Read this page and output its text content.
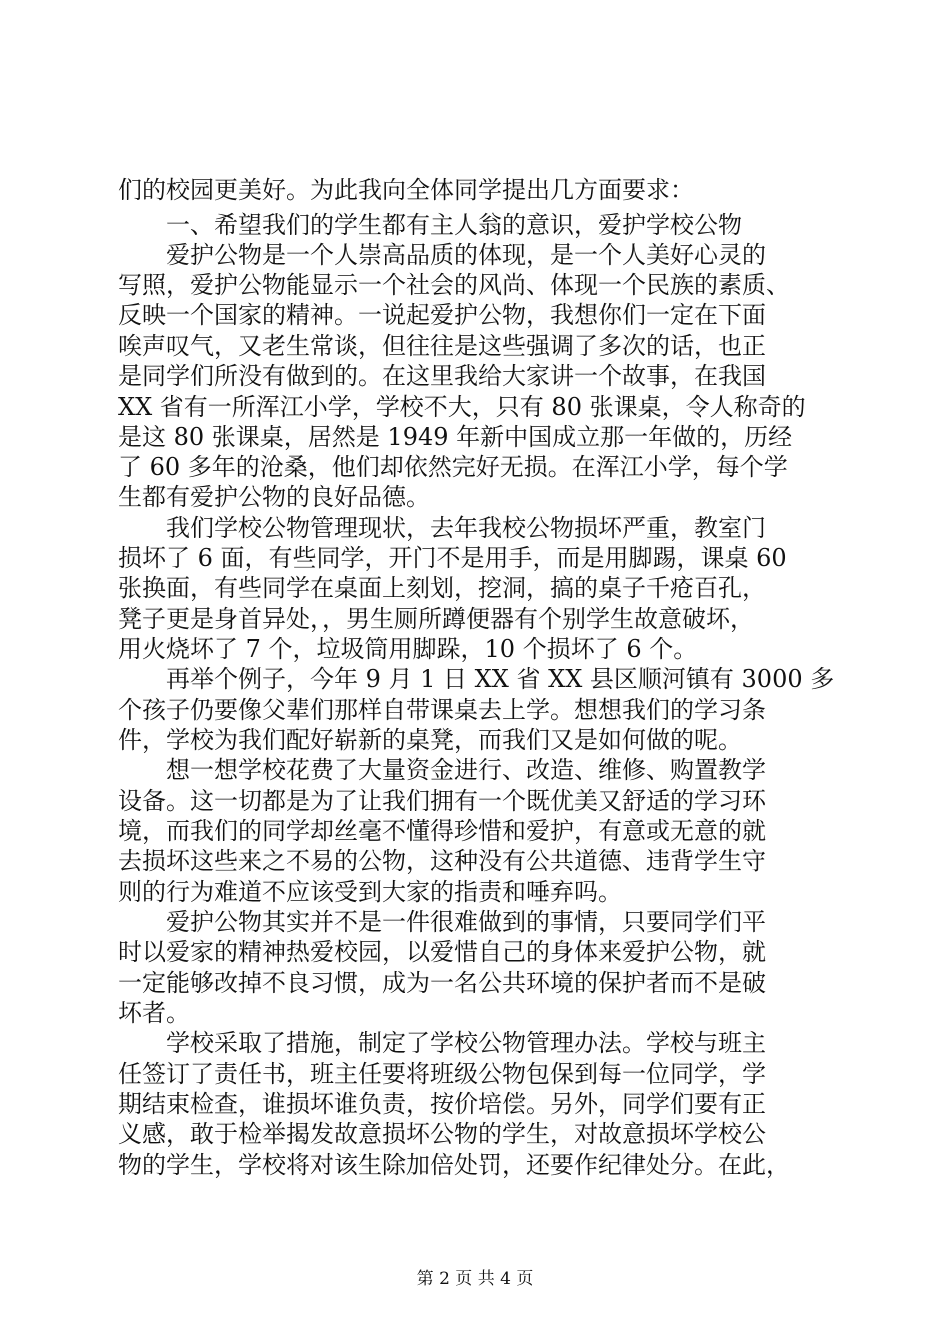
们的校园更美好。为此我向全体同学提出几方面要求：
　　一、希望我们的学生都有主人翁的意识，爱护学校公物
　　爱护公物是一个人崇高品质的体现，是一个人美好心灵的
写照，爱护公物能显示一个社会的风尚、体现一个民族的素质、
反映一个国家的精神。一说起爱护公物，我想你们一定在下面
唉声叹气，又老生常谈，但往往是这些强调了多次的话，也正
是同学们所没有做到的。在这里我给大家讲一个故事，在我国
XX 省有一所浑江小学，学校不大，只有 80 张课桌，令人称奇的
是这 80 张课桌，居然是 1949 年新中国成立那一年做的，历经
了 60 多年的沧桑，他们却依然完好无损。在浑江小学，每个学
生都有爱护公物的良好品德。
　　我们学校公物管理现状，去年我校公物损坏严重，教室门
损坏了 6 面，有些同学，开门不是用手，而是用脚踢，课桌 60
张换面，有些同学在桌面上刻划，挖洞，搞的桌子千疮百孔，
凳子更是身首异处，，男生厕所蹲便器有个别学生故意破坏，
用火烧坏了 7 个，垃圾筒用脚跺，10 个损坏了 6 个。
　　再举个例子，今年 9 月 1 日 XX 省 XX 县区顺河镇有 3000 多
个孩子仍要像父辈们那样自带课桌去上学。想想我们的学习条
件，学校为我们配好崭新的桌凳，而我们又是如何做的呢。
　　想一想学校花费了大量资金进行、改造、维修、购置教学
设备。这一切都是为了让我们拥有一个既优美又舒适的学习环
境，而我们的同学却丝毫不懂得珍惜和爱护，有意或无意的就
去损坏这些来之不易的公物，这种没有公共道德、违背学生守
则的行为难道不应该受到大家的指责和唾弃吗。
　　爱护公物其实并不是一件很难做到的事情，只要同学们平
时以爱家的精神热爱校园，以爱惜自己的身体来爱护公物，就
一定能够改掉不良习惯，成为一名公共环境的保护者而不是破
坏者。
　　学校采取了措施，制定了学校公物管理办法。学校与班主
任签订了责任书，班主任要将班级公物包保到每一位同学，学
期结束检查，谁损坏谁负责，按价培偿。另外，同学们要有正
义感，敢于检举揭发故意损坏公物的学生，对故意损坏学校公
物的学生，学校将对该生除加倍处罚，还要作纪律处分。在此，
第 2 页 共 4 页
